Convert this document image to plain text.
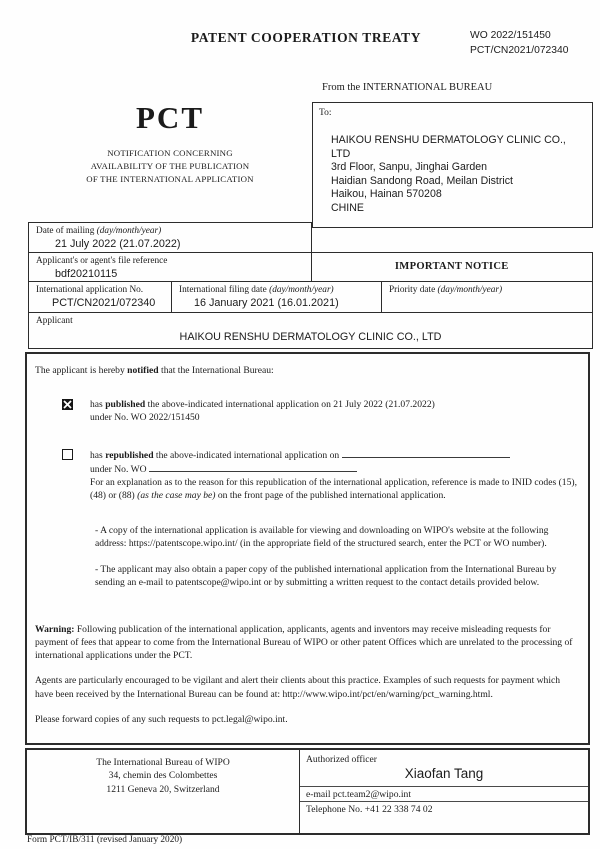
PATENT COOPERATION TREATY	WO 2022/151450
PCT/CN2021/072340
From the INTERNATIONAL BUREAU
PCT
NOTIFICATION CONCERNING
AVAILABILITY OF THE PUBLICATION
OF THE INTERNATIONAL APPLICATION
To:
HAIKOU RENSHU DERMATOLOGY CLINIC CO., LTD
3rd Floor, Sanpu, Jinghai Garden
Haidian Sandong Road, Meilan District
Haikou, Hainan 570208
CHINE
Date of mailing (day/month/year)
21 July 2022 (21.07.2022)
Applicant's or agent's file reference
bdf20210115
IMPORTANT NOTICE
International application No.
PCT/CN2021/072340
International filing date (day/month/year)
16 January 2021 (16.01.2021)
Priority date (day/month/year)
Applicant
HAIKOU RENSHU DERMATOLOGY CLINIC CO., LTD
The applicant is hereby notified that the International Bureau:
has published the above-indicated international application on 21 July 2022 (21.07.2022)
under No. WO 2022/151450
has republished the above-indicated international application on
under No. WO
For an explanation as to the reason for this republication of the international application, reference is made to INID codes (15), (48) or (88) (as the case may be) on the front page of the published international application.
- A copy of the international application is available for viewing and downloading on WIPO's website at the following address: https://patentscope.wipo.int/ (in the appropriate field of the structured search, enter the PCT or WO number).
- The applicant may also obtain a paper copy of the published international application from the International Bureau by sending an e-mail to patentscope@wipo.int or by submitting a written request to the contact details provided below.
Warning: Following publication of the international application, applicants, agents and inventors may receive misleading requests for payment of fees that appear to come from the International Bureau of WIPO or other patent Offices which are unrelated to the processing of international applications under the PCT.
Agents are particularly encouraged to be vigilant and alert their clients about this practice. Examples of such requests for payment which have been received by the International Bureau can be found at: http://www.wipo.int/pct/en/warning/pct_warning.html.
Please forward copies of any such requests to pct.legal@wipo.int.
The International Bureau of WIPO
34, chemin des Colombettes
1211 Geneva 20, Switzerland
Authorized officer
Xiaofan Tang
e-mail pct.team2@wipo.int
Telephone No. +41 22 338 74 02
Form PCT/IB/311 (revised January 2020)
